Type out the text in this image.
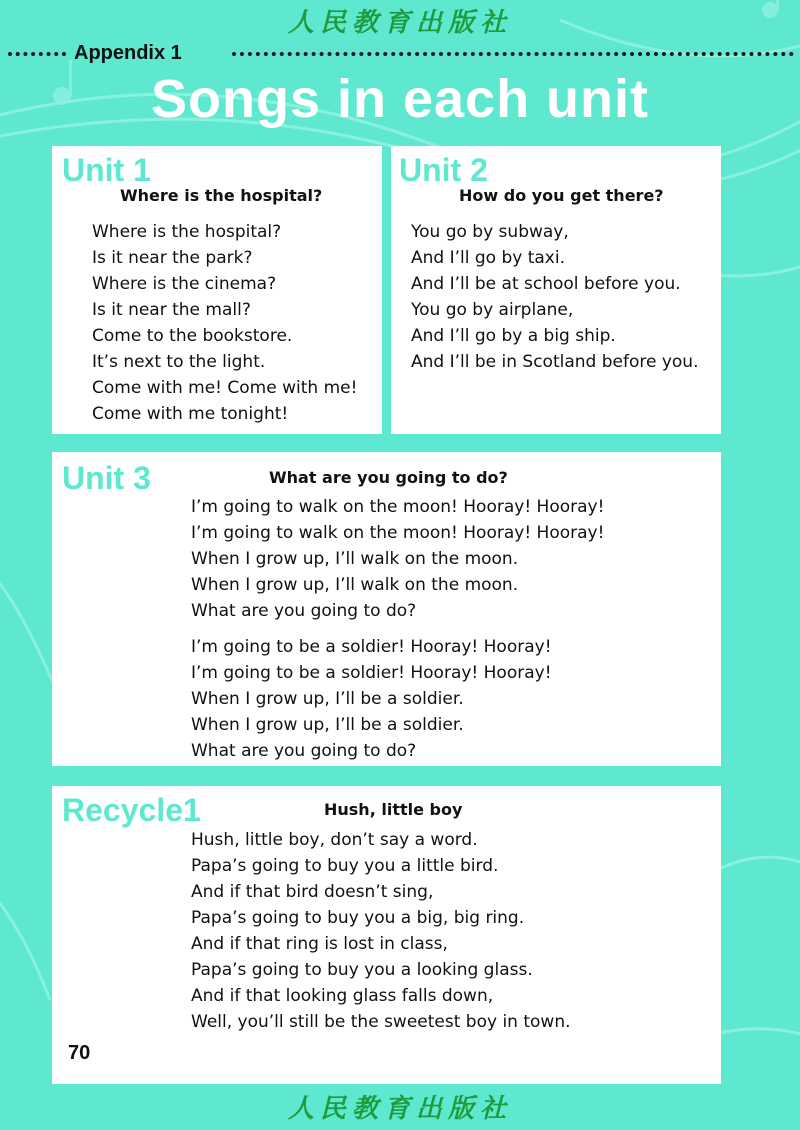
人民教育出版社
Appendix 1
Songs in each unit
Unit 1
Where is the hospital?
Where is the hospital?
Is it near the park?
Where is the cinema?
Is it near the mall?
Come to the bookstore.
It’s next to the light.
Come with me! Come with me!
Come with me tonight!
Unit 2
How do you get there?
You go by subway,
And I’ll go by taxi.
And I’ll be at school before you.
You go by airplane,
And I’ll go by a big ship.
And I’ll be in Scotland before you.
Unit 3	What are you going to do?
I’m going to walk on the moon! Hooray! Hooray!
I’m going to walk on the moon! Hooray! Hooray!
When I grow up, I’ll walk on the moon.
When I grow up, I’ll walk on the moon.
What are you going to do?
I’m going to be a soldier! Hooray! Hooray!
I’m going to be a soldier! Hooray! Hooray!
When I grow up, I’ll be a soldier.
When I grow up, I’ll be a soldier.
What are you going to do?
Recycle1	Hush, little boy
Hush, little boy, don’t say a word.
Papa’s going to buy you a little bird.
And if that bird doesn’t sing,
Papa’s going to buy you a big, big ring.
And if that ring is lost in class,
Papa’s going to buy you a looking glass.
And if that looking glass falls down,
Well, you’ll still be the sweetest boy in town.
70
人民教育出版社
